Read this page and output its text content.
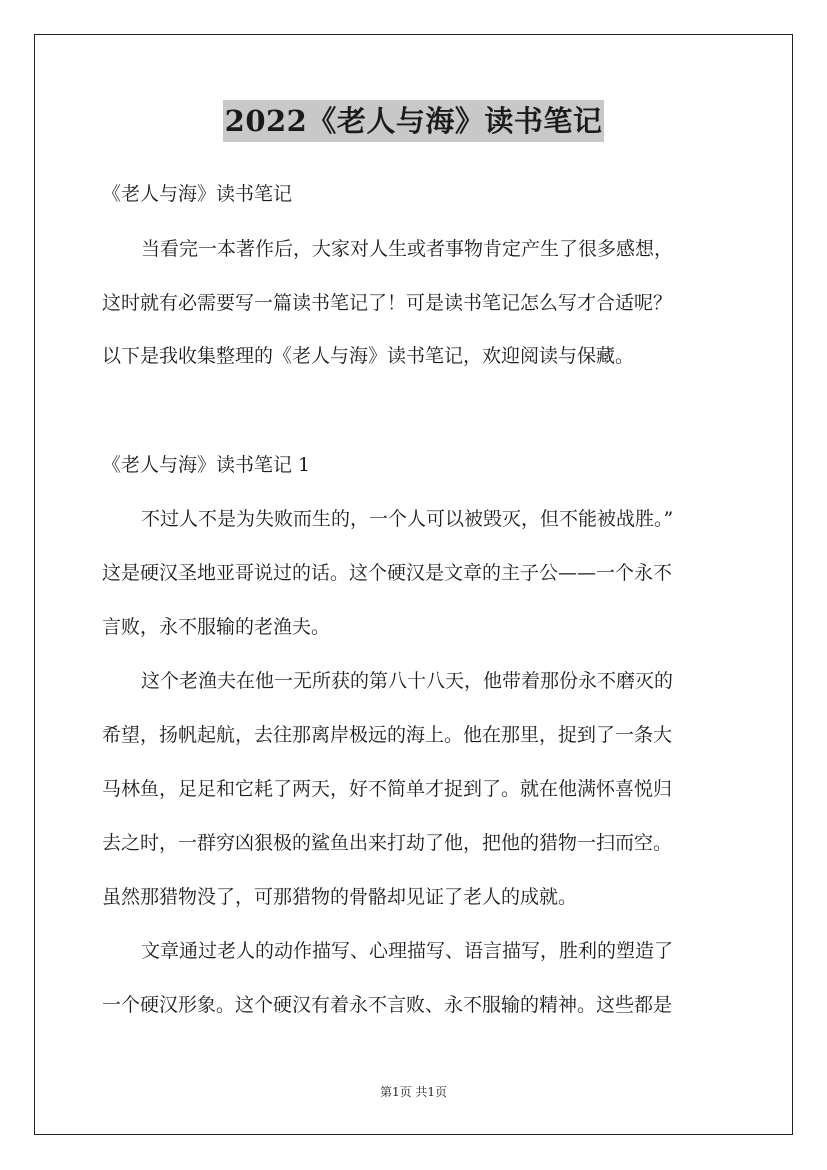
2022《老人与海》读书笔记
《老人与海》读书笔记
当看完一本著作后，大家对人生或者事物肯定产生了很多感想，
这时就有必需要写一篇读书笔记了！可是读书笔记怎么写才合适呢？
以下是我收集整理的《老人与海》读书笔记，欢迎阅读与保藏。
《老人与海》读书笔记 1
不过人不是为失败而生的，一个人可以被毁灭，但不能被战胜。”
这是硬汉圣地亚哥说过的话。这个硬汉是文章的主子公——一个永不
言败，永不服输的老渔夫。
这个老渔夫在他一无所获的第八十八天，他带着那份永不磨灭的
希望，扬帆起航，去往那离岸极远的海上。他在那里，捉到了一条大
马林鱼，足足和它耗了两天，好不简单才捉到了。就在他满怀喜悦归
去之时，一群穷凶狠极的鲨鱼出来打劫了他，把他的猎物一扫而空。
虽然那猎物没了，可那猎物的骨骼却见证了老人的成就。
文章通过老人的动作描写、心理描写、语言描写，胜利的塑造了
一个硬汉形象。这个硬汉有着永不言败、永不服输的精神。这些都是
第1页 共1页
